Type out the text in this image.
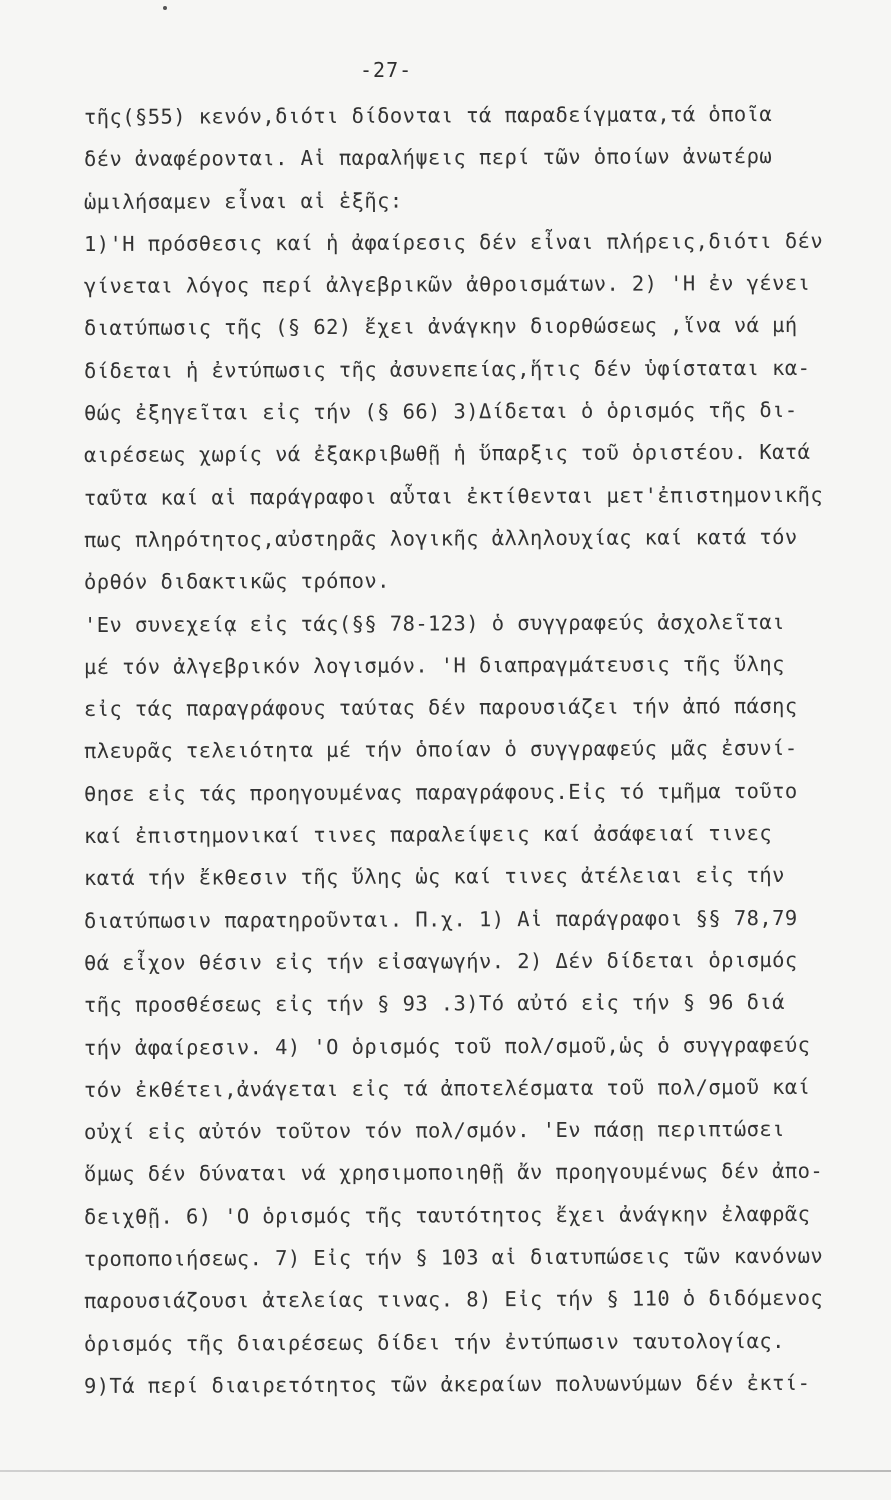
-27-
τῆς(§55) κενόν,διότι δίδονται τά παραδείγματα,τά ὁποῖα
δέν ἀναφέρονται. Αἱ παραλήψεις περί τῶν ὁποίων ἀνωτέρω
ὡμιλήσαμεν εἶναι αἱ ἑξῆς:
1)'Η πρόσθεσις καί ἡ ἀφαίρεσις δέν εἶναι πλήρεις,διότι δέν
γίνεται λόγος περί ἀλγεβρικῶν ἀθροισμάτων. 2) 'Η ἐν γένει
διατύπωσις τῆς (§ 62) ἔχει ἀνάγκην διορθώσεως ,ἵνα νά μή
δίδεται ἡ ἐντύπωσις τῆς ἀσυνεπείας,ἥτις δέν ὑφίσταται κα-
θώς ἐξηγεῖται εἰς τήν (§ 66) 3)Δίδεται ὁ ὁρισμός τῆς δι-
αιρέσεως χωρίς νά ἐξακριβωθῇ ἡ ὕπαρξις τοῦ ὁριστέου. Κατά
ταῦτα καί αἱ παράγραφοι αὗται ἐκτίθενται μετ'ἐπιστημονικῆς
πως πληρότητος,αὐστηρᾶς λογικῆς ἀλληλουχίας καί κατά τόν
ὀρθόν διδακτικῶς τρόπον.
'Εν συνεχείᾳ εἰς τάς(§§ 78-123) ὁ συγγραφεύς ἀσχολεῖται
μέ τόν ἀλγεβρικόν λογισμόν. 'Η διαπραγμάτευσις τῆς ὕλης
εἰς τάς παραγράφους ταύτας δέν παρουσιάζει τήν ἀπό πάσης
πλευρᾶς τελειότητα μέ τήν ὁποίαν ὁ συγγραφεύς μᾶς ἐσυνί-
θησε εἰς τάς προηγουμένας παραγράφους.Εἰς τό τμῆμα τοῦτο
καί ἐπιστημονικαί τινες παραλείψεις καί ἀσάφειαί τινες
κατά τήν ἔκθεσιν τῆς ὕλης ὡς καί τινες ἀτέλειαι εἰς τήν
διατύπωσιν παρατηροῦνται. Π.χ. 1) Αἱ παράγραφοι §§ 78,79
θά εἶχον θέσιν εἰς τήν εἰσαγωγήν. 2) Δέν δίδεται ὁρισμός
τῆς προσθέσεως εἰς τήν § 93 .3)Τό αὐτό εἰς τήν § 96 διά
τήν ἀφαίρεσιν. 4) 'Ο ὁρισμός τοῦ πολ/σμοῦ,ὡς ὁ συγγραφεύς
τόν ἐκθέτει,ἀνάγεται εἰς τά ἀποτελέσματα τοῦ πολ/σμοῦ καί
οὐχί εἰς αὐτόν τοῦτον τόν πολ/σμόν. 'Εν πάσῃ περιπτώσει
ὅμως δέν δύναται νά χρησιμοποιηθῇ ἄν προηγουμένως δέν ἀπο-
δειχθῇ. 6) 'Ο ὁρισμός τῆς ταυτότητος ἔχει ἀνάγκην ἐλαφρᾶς
τροποποιήσεως. 7) Εἰς τήν § 103 αἱ διατυπώσεις τῶν κανόνων
παρουσιάζουσι ἀτελείας τινας. 8) Εἰς τήν § 110 ὁ διδόμενος
ὁρισμός τῆς διαιρέσεως δίδει τήν ἐντύπωσιν ταυτολογίας.
9)Τά περί διαιρετότητος τῶν ἀκεραίων πολυωνύμων δέν ἐκτί-
